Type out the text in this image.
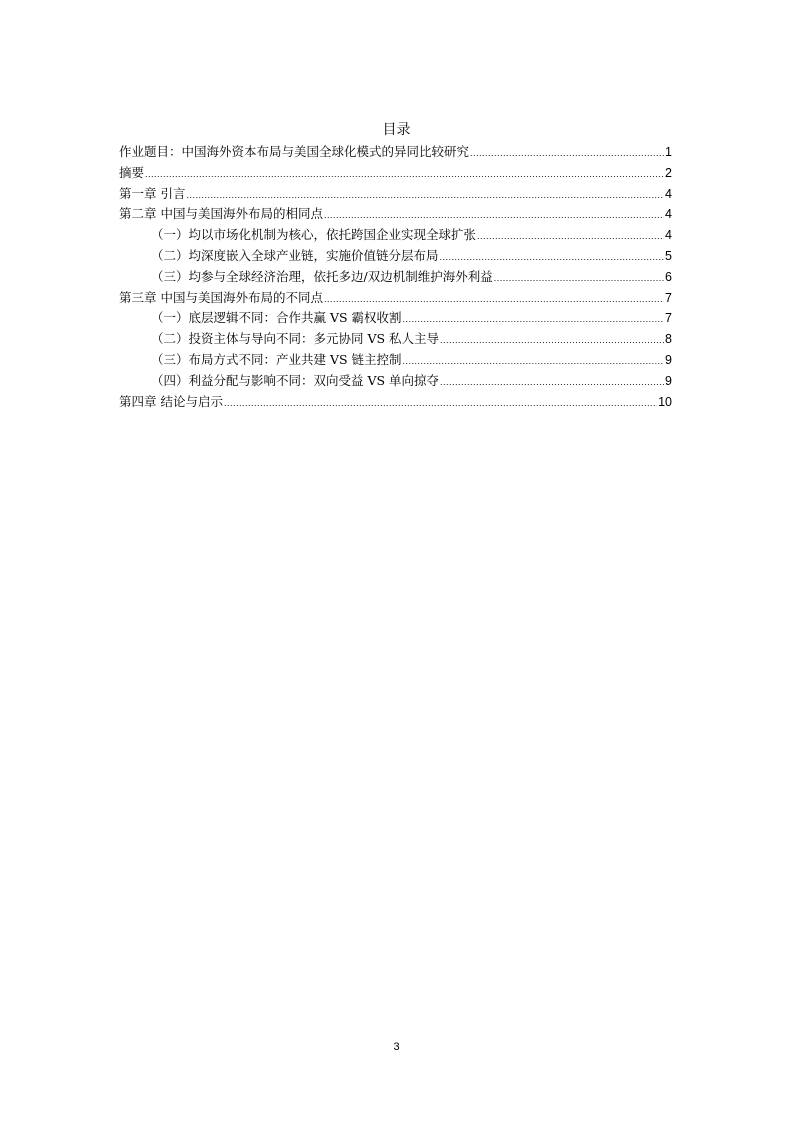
目录
作业题目：中国海外资本布局与美国全球化模式的异同比较研究 .....	1
摘要 .....	2
第一章 引言 .....	4
第二章 中国与美国海外布局的相同点 .....	4
（一）均以市场化机制为核心，依托跨国企业实现全球扩张 .....	4
（二）均深度嵌入全球产业链，实施价值链分层布局 .....	5
（三）均参与全球经济治理，依托多边/双边机制维护海外利益 .....	6
第三章 中国与美国海外布局的不同点 .....	7
（一）底层逻辑不同：合作共赢 VS 霸权收割 .....	7
（二）投资主体与导向不同：多元协同 VS 私人主导 .....	8
（三）布局方式不同：产业共建 VS 链主控制 .....	9
（四）利益分配与影响不同：双向受益 VS 单向掠夺 .....	9
第四章 结论与启示 .....	10
3
